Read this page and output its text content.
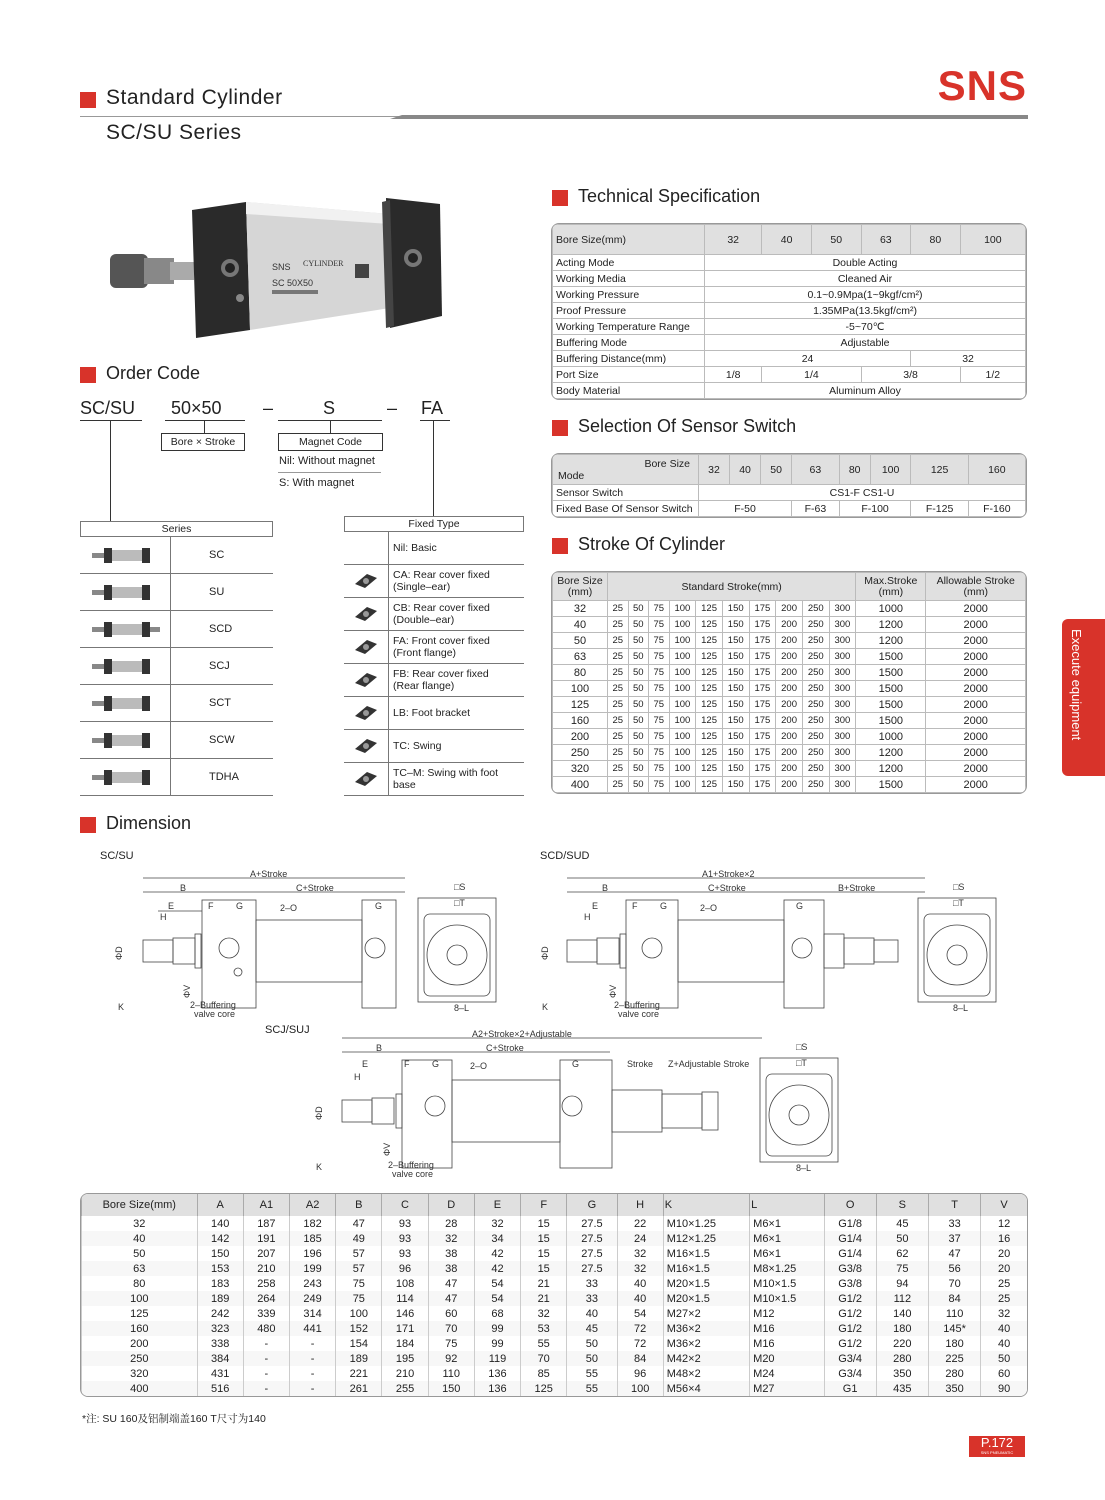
Standard Cylinder
SC/SU Series
SNS
SNS CYLINDER
SC 50X50
Order Code
SC/SU 50×50 –	S	– FA
Bore × Stroke	Magnet Code
Nil: Without magnet
S: With magnet
Series
SC
SU
SCD
SCJ
SCT
SCW
TDHA
Fixed Type
Nil: Basic
CA: Rear cover fixed
(Single–ear)
CB: Rear cover fixed
(Double–ear)
FA: Front cover fixed
(Front flange)
FB: Rear cover fixed
(Rear flange)
LB: Foot bracket
TC: Swing
TC–M: Swing with foot
base
Technical Specification
Bore Size(mm)	32	40	50	63	80	100
Acting Mode	Double Acting					
Working Media	Cleaned Air					
Working Pressure	0.1~0.9Mpa(1~9kgf/cm²)					
Proof Pressure	1.35MPa(13.5kgf/cm²)					
Working Temperature Range	-5~70℃					
Buffering Mode	Adjustable					
Buffering Distance(mm)	24				32	
Port Size	1/8	1/4		3/8		1/2
Body Material	Aluminum Alloy					
Selection Of Sensor Switch
Bore Size
Mode	32	40	50	63	80	100	125	160
Sensor Switch	CS1-F CS1-U							
Fixed Base Of Sensor Switch	F-50			F-63	F-100		F-125	F-160
Stroke Of Cylinder
Bore Size
(mm)	Standard Stroke(mm)										Max.Stroke
(mm)	Allowable Stroke
(mm)
32	25	50	75	100	125	150	175	200	250	300	1000	2000
40	25	50	75	100	125	150	175	200	250	300	1200	2000
50	25	50	75	100	125	150	175	200	250	300	1200	2000
63	25	50	75	100	125	150	175	200	250	300	1500	2000
80	25	50	75	100	125	150	175	200	250	300	1500	2000
100	25	50	75	100	125	150	175	200	250	300	1500	2000
125	25	50	75	100	125	150	175	200	250	300	1500	2000
160	25	50	75	100	125	150	175	200	250	300	1500	2000
200	25	50	75	100	125	150	175	200	250	300	1000	2000
250	25	50	75	100	125	150	175	200	250	300	1200	2000
320	25	50	75	100	125	150	175	200	250	300	1200	2000
400	25	50	75	100	125	150	175	200	250	300	1500	2000
Execute equipment
Dimension
SC/SU	SCD/SUD
SCJ/SUJ
A+Stroke
B	C+Stroke
E	F	G	2–O	G
H
ΦD
ΦV
K	2–Buffering
valve core
□S
□T
8–L
A1+Stroke×2
B	C+Stroke	B+Stroke
E	F	G	2–O	G
H
ΦD
ΦV
K	2–Buffering
valve core
□S
□T
8–L
A2+Stroke×2+Adjustable
B	C+Stroke
E	F	G	2–O	G	Stroke Z+Adjustable Stroke
H
ΦD
ΦV
K	2–Buffering
valve core
□S
□T
8–L
Bore Size(mm)	A	A1	A2	B	C	D	E	F	G	H	K	L	O	S	T	V
32	140	187	182	47	93	28	32	15	27.5	22	M10×1.25	M6×1	G1/8	45	33	12
40	142	191	185	49	93	32	34	15	27.5	24	M12×1.25	M6×1	G1/4	50	37	16
50	150	207	196	57	93	38	42	15	27.5	32	M16×1.5	M6×1	G1/4	62	47	20
63	153	210	199	57	96	38	42	15	27.5	32	M16×1.5	M8×1.25	G3/8	75	56	20
80	183	258	243	75	108	47	54	21	33	40	M20×1.5	M10×1.5	G3/8	94	70	25
100	189	264	249	75	114	47	54	21	33	40	M20×1.5	M10×1.5	G1/2	112	84	25
125	242	339	314	100	146	60	68	32	40	54	M27×2	M12	G1/2	140	110	32
160	323	480	441	152	171	70	99	53	45	72	M36×2	M16	G1/2	180	145*	40
200	338	-	-	154	184	75	99	55	50	72	M36×2	M16	G1/2	220	180	40
250	384	-	-	189	195	92	119	70	50	84	M42×2	M20	G3/4	280	225	50
320	431	-	-	221	210	110	136	85	55	96	M48×2	M24	G3/4	350	280	60
400	516	-	-	261	255	150	136	125	55	100	M56×4	M27	G1	435	350	90
*注: SU 160及铝制端盖160 T尺寸为140
P.172
SNS PNEUMATIC
